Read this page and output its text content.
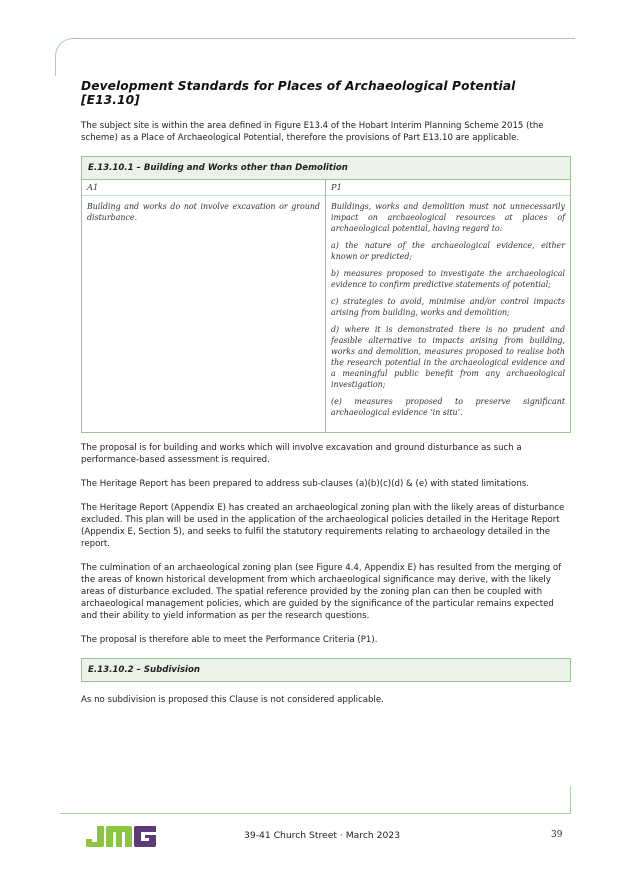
Development Standards for Places of Archaeological Potential [E13.10]

The subject site is within the area defined in Figure E13.4 of the Hobart Interim Planning Scheme 2015 (the scheme) as a Place of Archaeological Potential, therefore the provisions of Part E13.10 are applicable.

E.13.10.1 – Building and Works other than Demolition
A1

Building and works do not involve excavation or ground disturbance.

P1

Buildings, works and demolition must not unnecessarily impact on archaeological resources at places of archaeological potential, having regard to:

a) the nature of the archaeological evidence, either known or predicted;

b) measures proposed to investigate the archaeological evidence to confirm predictive statements of potential;

c) strategies to avoid, minimise and/or control impacts arising from building, works and demolition;

d) where it is demonstrated there is no prudent and feasible alternative to impacts arising from building, works and demolition, measures proposed to realise both the research potential in the archaeological evidence and a meaningful public benefit from any archaeological investigation;

(e) measures proposed to preserve significant archaeological evidence ‘in situ’.

The proposal is for building and works which will involve excavation and ground disturbance as such a performance-based assessment is required.

The Heritage Report has been prepared to address sub-clauses (a)(b)(c)(d) & (e) with stated limitations.

The Heritage Report (Appendix E) has created an archaeological zoning plan with the likely areas of disturbance excluded. This plan will be used in the application of the archaeological policies detailed in the Heritage Report (Appendix E, Section 5), and seeks to fulfil the statutory requirements relating to archaeology detailed in the report.

The culmination of an archaeological zoning plan (see Figure 4.4, Appendix E) has resulted from the merging of the areas of known historical development from which archaeological significance may derive, with the likely areas of disturbance excluded. The spatial reference provided by the zoning plan can then be coupled with archaeological management policies, which are guided by the significance of the particular remains expected and their ability to yield information as per the research questions.

The proposal is therefore able to meet the Performance Criteria (P1).

E.13.10.2 – Subdivision

As no subdivision is proposed this Clause is not considered applicable.

39-41 Church Street · March 2023	39
